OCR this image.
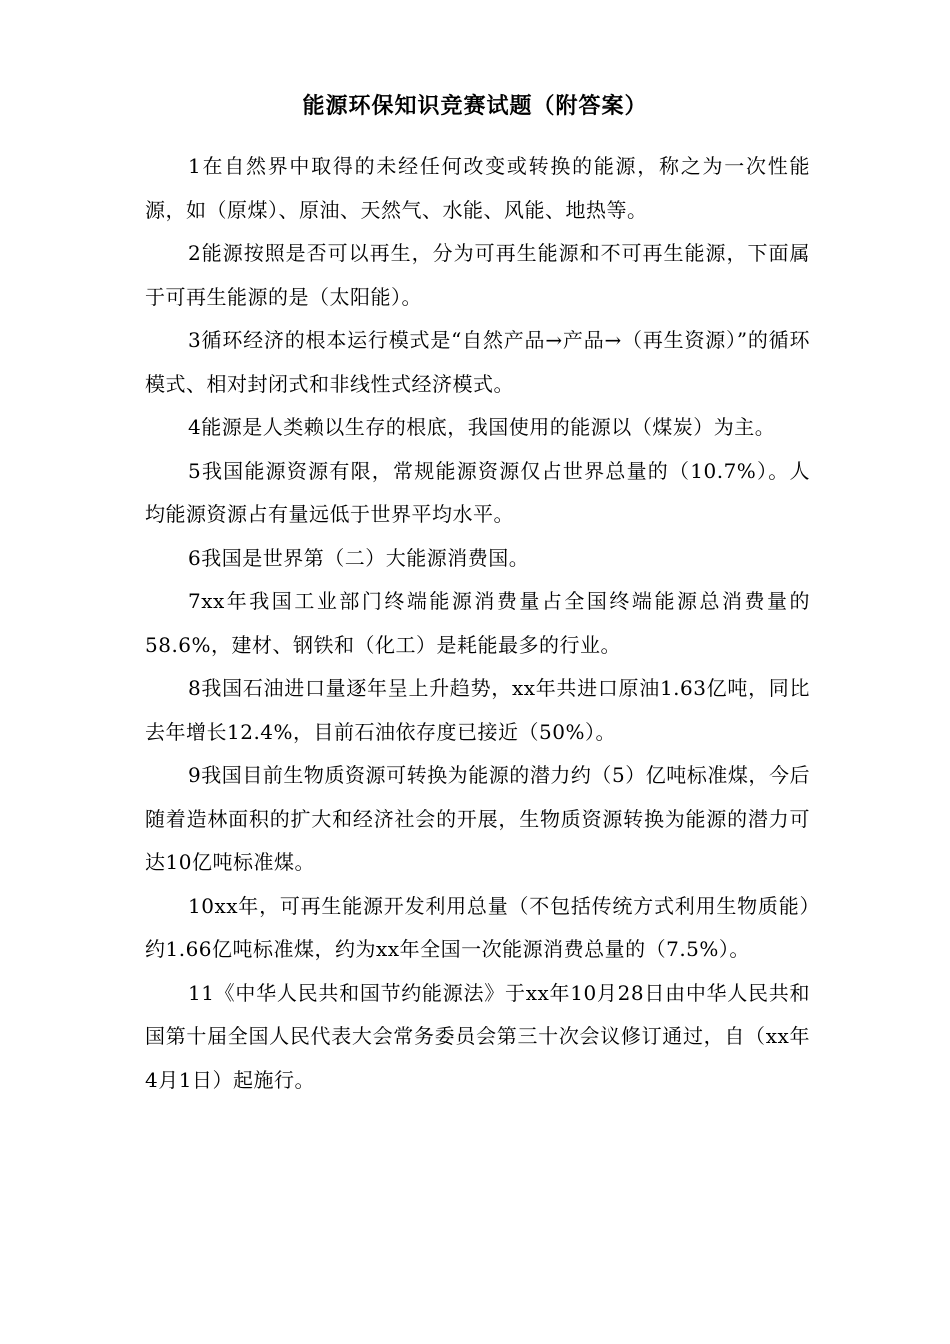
能源环保知识竞赛试题（附答案）

1在自然界中取得的未经任何改变或转换的能源，称之为一次性能源，如（原煤）、原油、天然气、水能、风能、地热等。

2能源按照是否可以再生，分为可再生能源和不可再生能源，下面属于可再生能源的是（太阳能）。

3循环经济的根本运行模式是“自然产品→产品→（再生资源）”的循环模式、相对封闭式和非线性式经济模式。

4能源是人类赖以生存的根底，我国使用的能源以（煤炭）为主。

5我国能源资源有限，常规能源资源仅占世界总量的（10.7%）。人均能源资源占有量远低于世界平均水平。

6我国是世界第（二）大能源消费国。

7xx年我国工业部门终端能源消费量占全国终端能源总消费量的58.6%，建材、钢铁和（化工）是耗能最多的行业。

8我国石油进口量逐年呈上升趋势，xx年共进口原油1.63亿吨，同比去年增长12.4%，目前石油依存度已接近（50%）。

9我国目前生物质资源可转换为能源的潜力约（5）亿吨标准煤，今后随着造林面积的扩大和经济社会的开展，生物质资源转换为能源的潜力可达10亿吨标准煤。

10xx年，可再生能源开发利用总量（不包括传统方式利用生物质能）约1.66亿吨标准煤，约为xx年全国一次能源消费总量的（7.5%）。

11《中华人民共和国节约能源法》于xx年10月28日由中华人民共和国第十届全国人民代表大会常务委员会第三十次会议修订通过，自（xx年4月1日）起施行。
